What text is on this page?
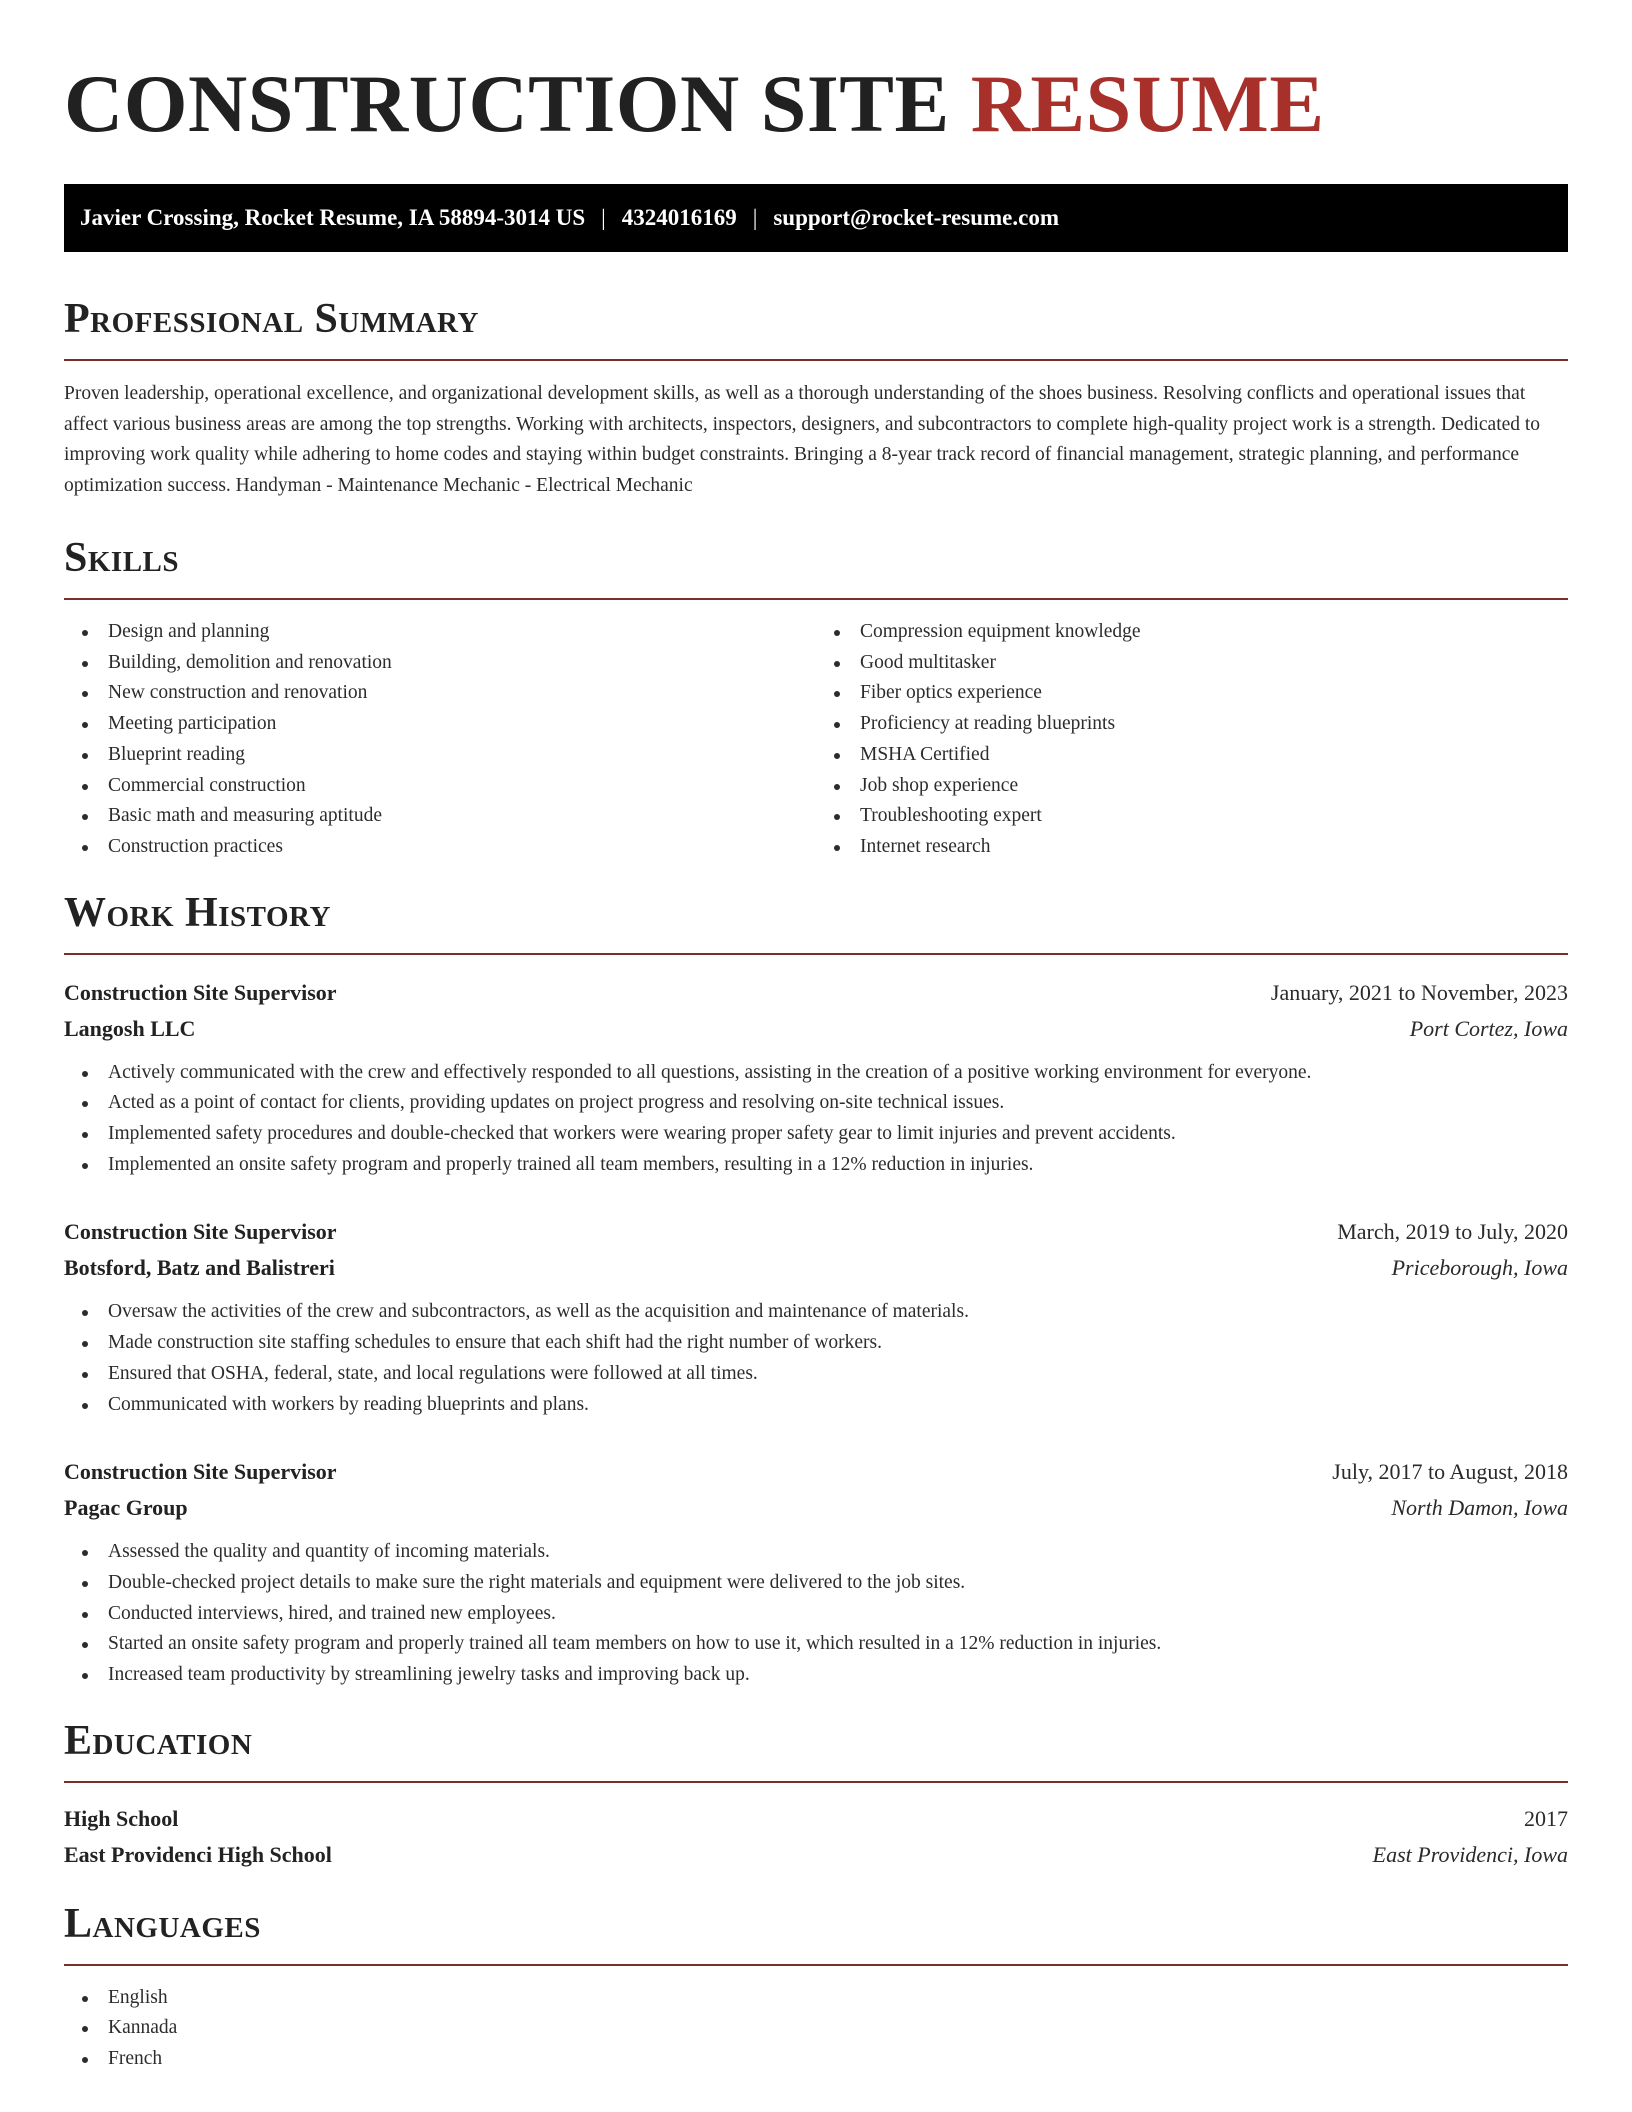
CONSTRUCTION SITE RESUME
Javier Crossing, Rocket Resume, IA 58894-3014 US | 4324016169 | support@rocket-resume.com
Professional Summary

Proven leadership, operational excellence, and organizational development skills, as well as a thorough understanding of the shoes business. Resolving conflicts and operational issues that affect various business areas are among the top strengths. Working with architects, inspectors, designers, and subcontractors to complete high-quality project work is a strength. Dedicated to improving work quality while adhering to home codes and staying within budget constraints. Bringing a 8-year track record of financial management, strategic planning, and performance optimization success. Handyman - Maintenance Mechanic - Electrical Mechanic

Skills
Design and planning
Building, demolition and renovation
New construction and renovation
Meeting participation
Blueprint reading
Commercial construction
Basic math and measuring aptitude
Construction practices
Compression equipment knowledge
Good multitasker
Fiber optics experience
Proficiency at reading blueprints
MSHA Certified
Job shop experience
Troubleshooting expert
Internet research
Work History
Construction Site Supervisor	January, 2021 to November, 2023
Langosh LLC	Port Cortez, Iowa
Actively communicated with the crew and effectively responded to all questions, assisting in the creation of a positive working environment for everyone.
Acted as a point of contact for clients, providing updates on project progress and resolving on-site technical issues.
Implemented safety procedures and double-checked that workers were wearing proper safety gear to limit injuries and prevent accidents.
Implemented an onsite safety program and properly trained all team members, resulting in a 12% reduction in injuries.
Construction Site Supervisor	March, 2019 to July, 2020
Botsford, Batz and Balistreri	Priceborough, Iowa
Oversaw the activities of the crew and subcontractors, as well as the acquisition and maintenance of materials.
Made construction site staffing schedules to ensure that each shift had the right number of workers.
Ensured that OSHA, federal, state, and local regulations were followed at all times.
Communicated with workers by reading blueprints and plans.
Construction Site Supervisor	July, 2017 to August, 2018
Pagac Group	North Damon, Iowa
Assessed the quality and quantity of incoming materials.
Double-checked project details to make sure the right materials and equipment were delivered to the job sites.
Conducted interviews, hired, and trained new employees.
Started an onsite safety program and properly trained all team members on how to use it, which resulted in a 12% reduction in injuries.
Increased team productivity by streamlining jewelry tasks and improving back up.
Education
High School	2017
East Providenci High School	East Providenci, Iowa
Languages
English
Kannada
French
